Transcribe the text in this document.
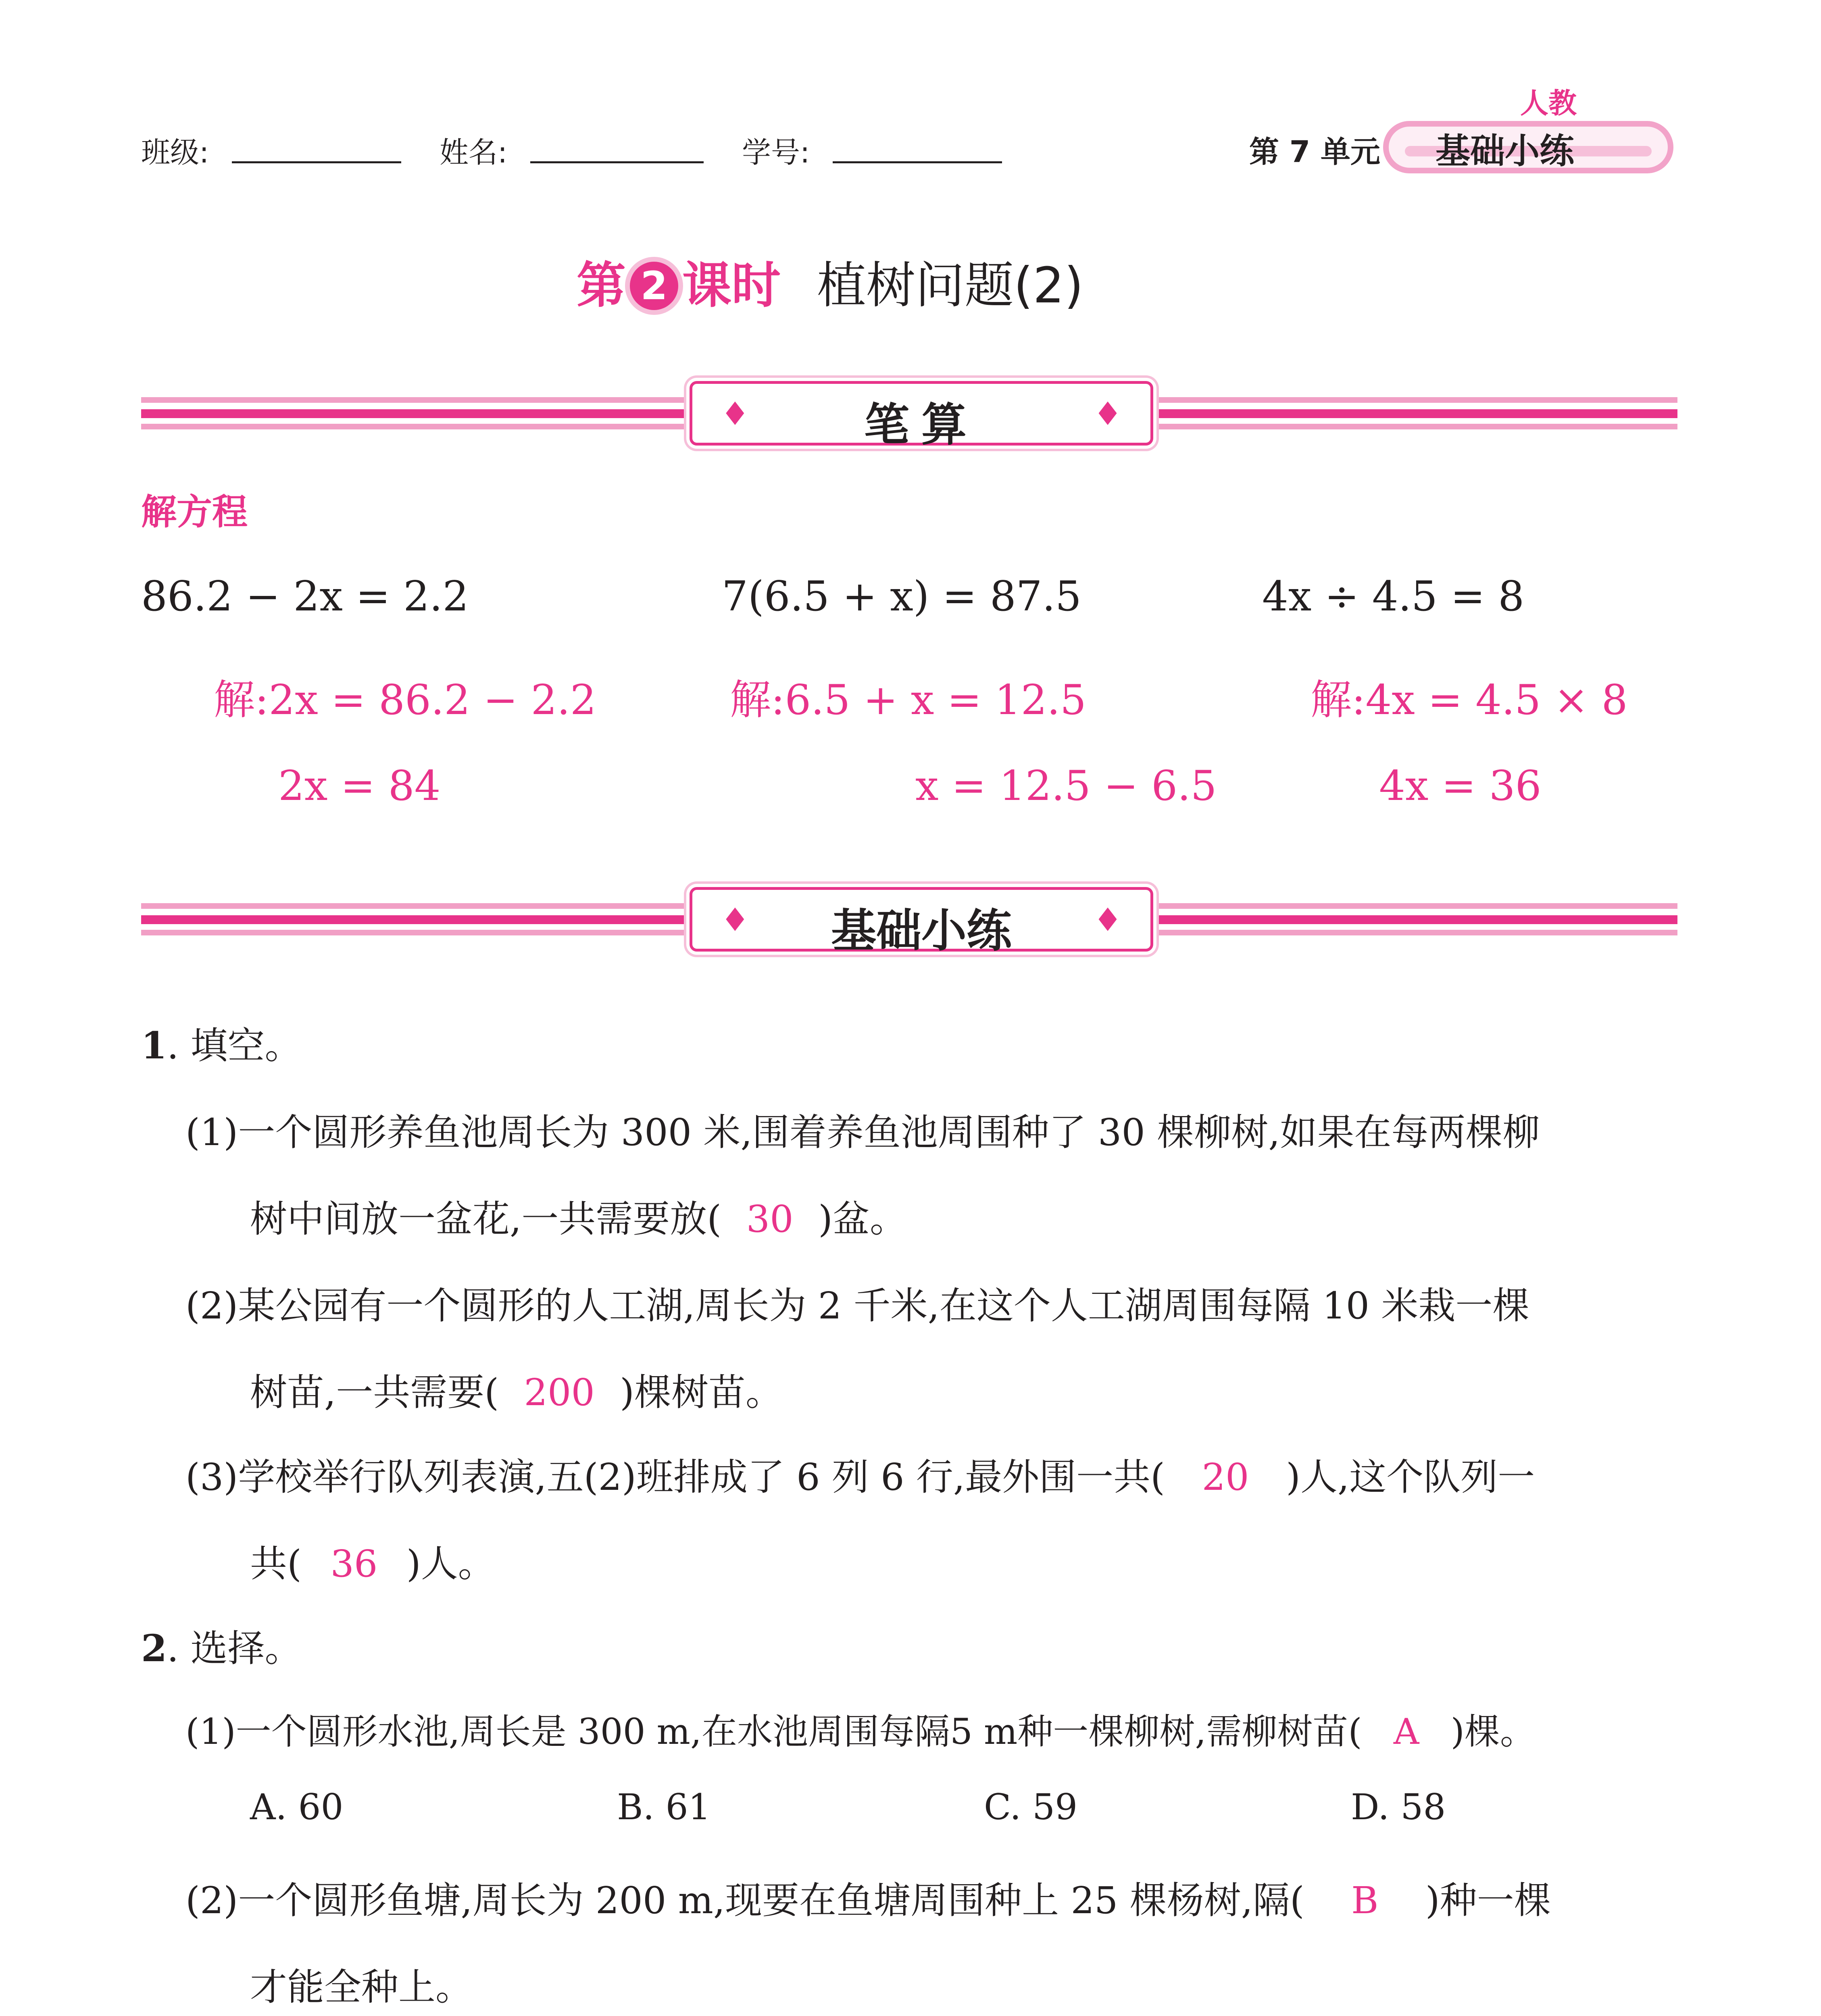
班级:	姓名:	学号:	第 7 单元
人教
基础小练
第 2 课时 植树问题(2)
♦	笔算	♦
解方程
86.2 − 2x = 2.2	7(6.5 + x) = 87.5	4x ÷ 4.5 = 8
解:2x = 86.2 − 2.2	解:6.5 + x = 12.5	解:4x = 4.5 × 8
2x = 84	x = 12.5 − 6.5	4x = 36
♦	基础小练	♦
1. 填空。
(1)一个圆形养鱼池周长为 300 米,围着养鱼池周围种了 30 棵柳树,如果在每两棵柳
树中间放一盆花,一共需要放( 30 )盆。
(2)某公园有一个圆形的人工湖,周长为 2 千米,在这个人工湖周围每隔 10 米栽一棵
树苗,一共需要( 200 )棵树苗。
(3)学校举行队列表演,五(2)班排成了 6 列 6 行,最外围一共( 20 )人,这个队列一
共( 36 )人。
2. 选择。
(1)一个圆形水池,周长是 300 m,在水池周围每隔5 m种一棵柳树,需柳树苗( A )棵。
A. 60	B. 61	C. 59	D. 58
(2)一个圆形鱼塘,周长为 200 m,现要在鱼塘周围种上 25 棵杨树,隔( B )种一棵
才能全种上。
